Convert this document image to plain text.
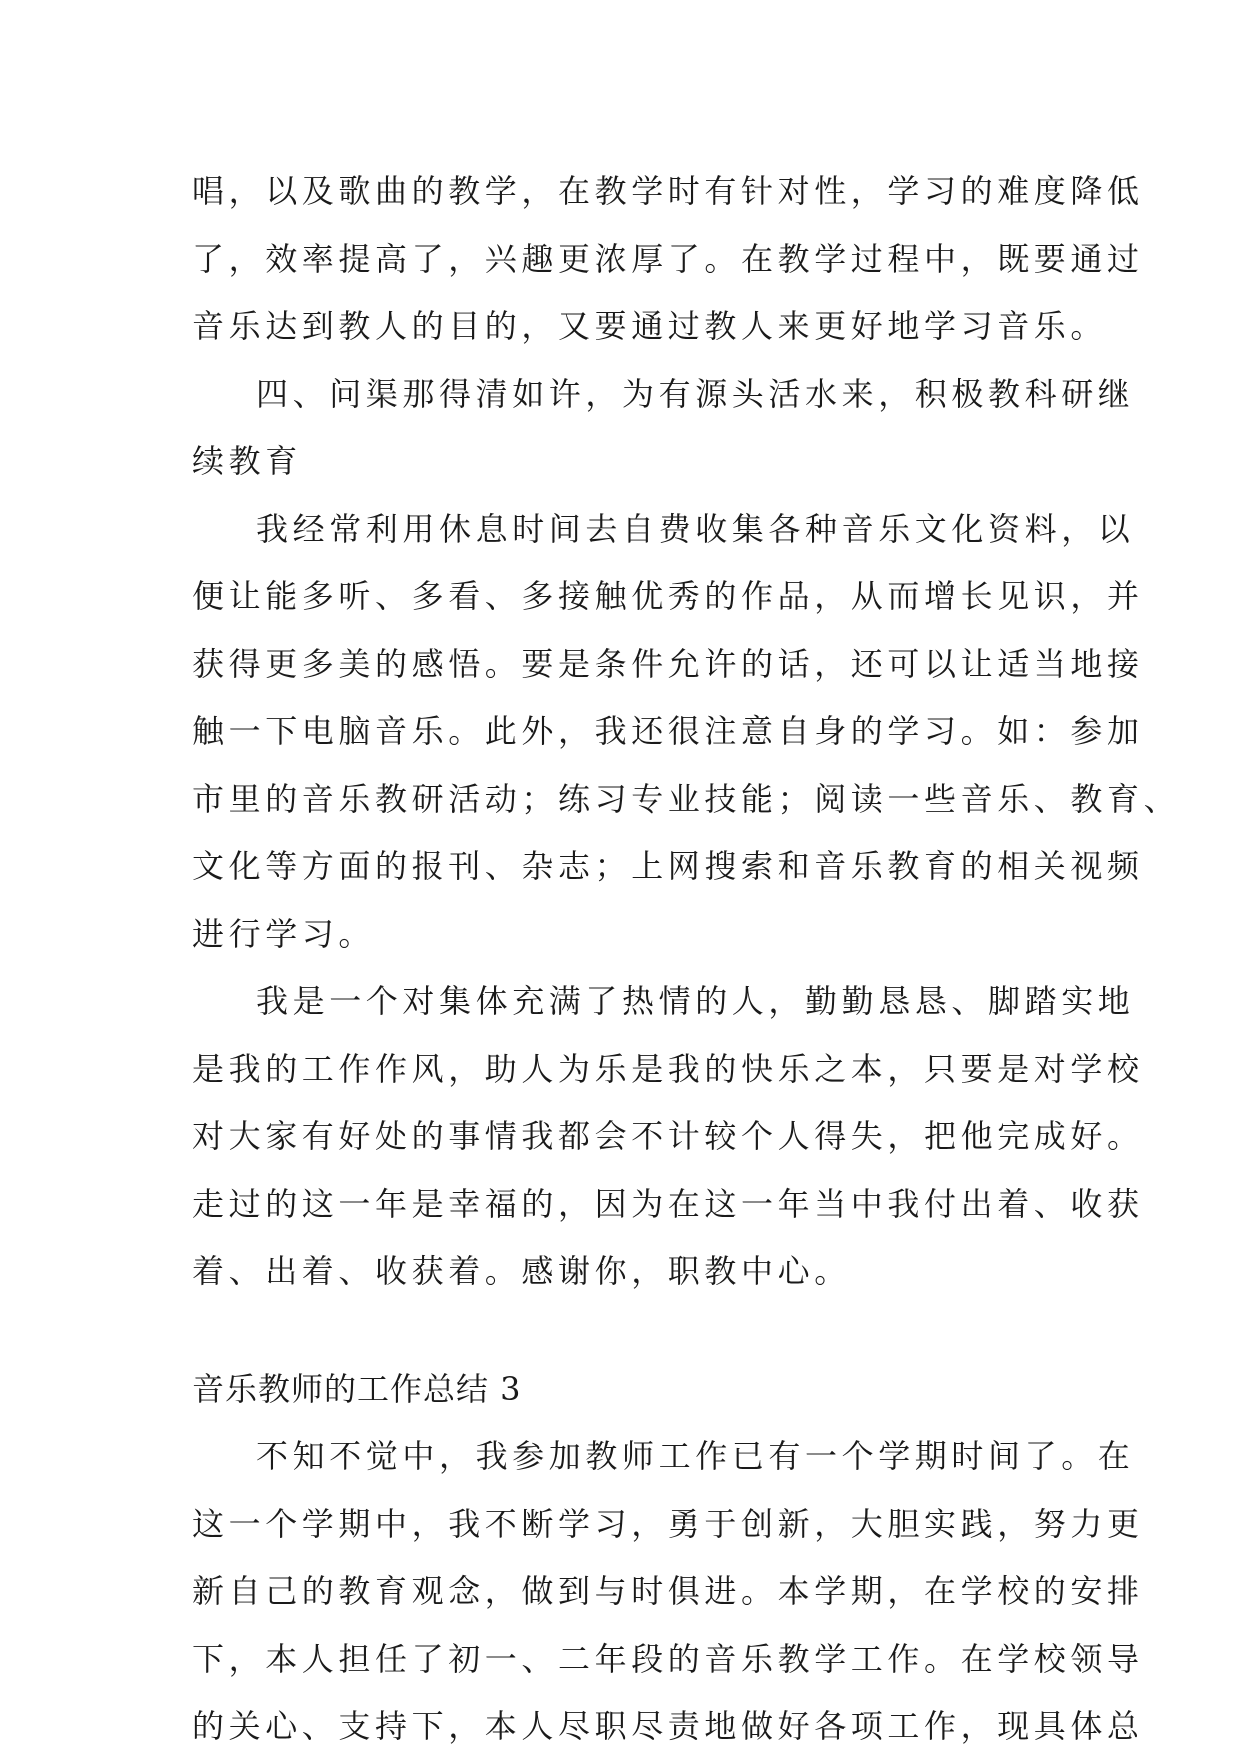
唱，以及歌曲的教学，在教学时有针对性，学习的难度降低
了，效率提高了，兴趣更浓厚了。在教学过程中，既要通过
音乐达到教人的目的，又要通过教人来更好地学习音乐。
四、问渠那得清如许，为有源头活水来，积极教科研继
续教育
我经常利用休息时间去自费收集各种音乐文化资料，以
便让能多听、多看、多接触优秀的作品，从而增长见识，并
获得更多美的感悟。要是条件允许的话，还可以让适当地接
触一下电脑音乐。此外，我还很注意自身的学习。如：参加
市里的音乐教研活动；练习专业技能；阅读一些音乐、教育、
文化等方面的报刊、杂志；上网搜索和音乐教育的相关视频
进行学习。
我是一个对集体充满了热情的人，勤勤恳恳、脚踏实地
是我的工作作风，助人为乐是我的快乐之本，只要是对学校
对大家有好处的事情我都会不计较个人得失，把他完成好。
走过的这一年是幸福的，因为在这一年当中我付出着、收获
着、出着、收获着。感谢你，职教中心。
音乐教师的工作总结 3
不知不觉中，我参加教师工作已有一个学期时间了。在
这一个学期中，我不断学习，勇于创新，大胆实践，努力更
新自己的教育观念，做到与时俱进。本学期，在学校的安排
下，本人担任了初一、二年段的音乐教学工作。在学校领导
的关心、支持下，本人尽职尽责地做好各项工作，现具体总
